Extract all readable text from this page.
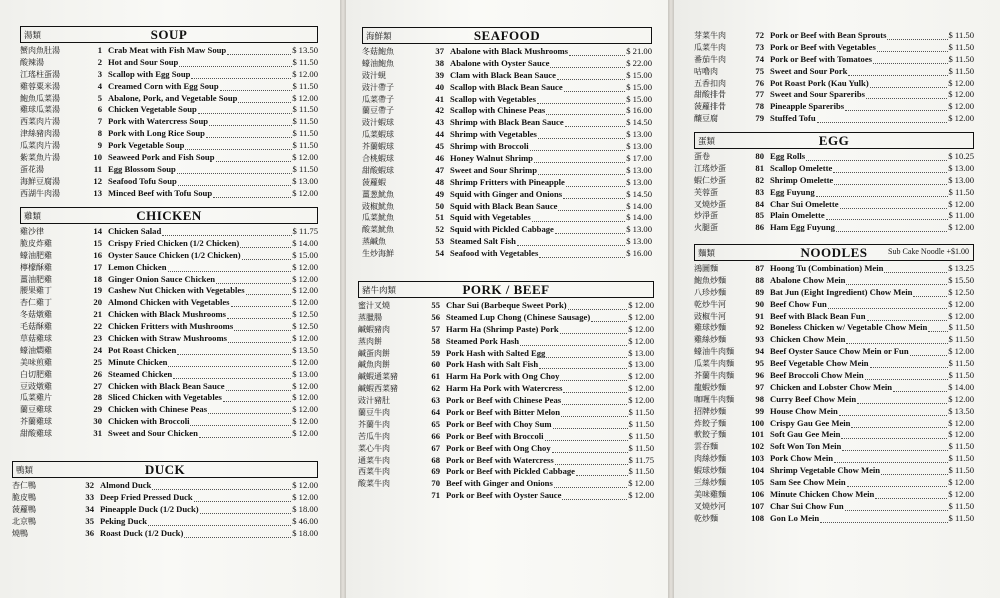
湯類	SOUP
蟹肉魚肚湯	1 Crab Meat with Fish Maw Soup	$ 13.50
酸辣湯	2 Hot and Sour Soup	$ 11.50
江瑤柱蛋湯	3 Scallop with Egg Soup	$ 12.00
雞蓉粟米湯	4 Creamed Corn with Egg Soup	$ 11.50
鮑魚瓜菜湯	5 Abalone, Pork, and Vegetable Soup	$ 12.00
雞球瓜菜湯	6 Chicken Vegetable Soup	$ 11.50
西菜肉片湯	7 Pork with Watercress Soup	$ 11.50
津絲豬肉湯	8 Pork with Long Rice Soup	$ 11.50
瓜菜肉片湯	9 Pork Vegetable Soup	$ 11.50
紫菜魚片湯	10 Seaweed Pork and Fish Soup	$ 12.00
蛋花湯	11 Egg Blossom Soup	$ 11.50
海鮮豆腐湯	12 Seafood Tofu Soup	$ 13.00
西湖牛肉湯	13 Minced Beef with Tofu Soup	$ 12.00
雞類	CHICKEN
雞沙律	14 Chicken Salad	$ 11.75
脆皮炸雞	15 Crispy Fried Chicken (1/2 Chicken)	$ 14.00
蠔油肥雞	16 Oyster Sauce Chicken (1/2 Chicken)	$ 15.00
檸檬酥雞	17 Lemon Chicken	$ 12.00
薑油肥雞	18 Ginger Onion Sauce Chicken	$ 12.00
腰果雞丁	19 Cashew Nut Chicken with Vegetables	$ 12.00
杏仁雞丁	20 Almond Chicken with Vegetables	$ 12.00
冬菇燉雞	21 Chicken with Black Mushrooms	$ 12.50
毛菇酥雞	22 Chicken Fritters with Mushrooms	$ 12.50
草菇雞球	23 Chicken with Straw Mushrooms	$ 12.00
蠔油燜雞	24 Pot Roast Chicken	$ 13.50
美味煎雞	25 Minute Chicken	$ 12.00
白切肥雞	26 Steamed Chicken	$ 13.00
豆豉燉雞	27 Chicken with Black Bean Sauce	$ 12.00
瓜菜雞片	28 Sliced Chicken with Vegetables	$ 12.00
蘭豆雞球	29 Chicken with Chinese Peas	$ 12.00
芥蘭雞球	30 Chicken with Broccoli	$ 12.00
甜酸雞球	31 Sweet and Sour Chicken	$ 12.00
鴨類	DUCK
杏仁鴨	32 Almond Duck	$ 12.00
脆皮鴨	33 Deep Fried Pressed Duck	$ 12.00
菠蘿鴨	34 Pineapple Duck (1/2 Duck)	$ 18.00
北京鴨	35 Peking Duck	$ 46.00
燒鴨	36 Roast Duck (1/2 Duck)	$ 18.00
海鮮類	SEAFOOD
冬菇鮑魚	37 Abalone with Black Mushrooms	$ 21.00
蠔油鮑魚	38 Abalone with Oyster Sauce	$ 22.00
豉汁蜆	39 Clam with Black Bean Sauce	$ 15.00
豉汁帶子	40 Scallop with Black Bean Sauce	$ 15.00
瓜菜帶子	41 Scallop with Vegetables	$ 15.00
蘭豆帶子	42 Scallop with Chinese Peas	$ 16.00
豉汁蝦球	43 Shrimp with Black Bean Sauce	$ 14.50
瓜菜蝦球	44 Shrimp with Vegetables	$ 13.00
芥蘭蝦球	45 Shrimp with Broccoli	$ 13.00
合桃蝦球	46 Honey Walnut Shrimp	$ 17.00
甜酸蝦球	47 Sweet and Sour Shrimp	$ 13.00
菠蘿蝦	48 Shrimp Fritters with Pineapple	$ 13.00
薑葱魷魚	49 Squid with Ginger and Onions	$ 14.50
豉椒魷魚	50 Squid with Black Bean Sauce	$ 14.00
瓜菜魷魚	51 Squid with Vegetables	$ 14.00
酸菜魷魚	52 Squid with Pickled Cabbage	$ 13.00
蒸鹹魚	53 Steamed Salt Fish	$ 13.00
生炒海鮮	54 Seafood with Vegetables	$ 16.00
豬牛肉類	PORK / BEEF
蜜汁叉燒	55 Char Sui (Barbeque Sweet Pork)	$ 12.00
蒸臘腸	56 Steamed Lup Chong (Chinese Sausage)	$ 12.00
鹹蝦豬肉	57 Harm Ha (Shrimp Paste) Pork	$ 12.00
蒸肉餅	58 Steamed Pork Hash	$ 12.00
鹹蛋肉餅	59 Pork Hash with Salted Egg	$ 13.00
鹹魚肉餅	60 Pork Hash with Salt Fish	$ 13.00
鹹蝦通菜豬	61 Harm Ha Pork with Ong Choy	$ 12.00
鹹蝦西菜豬	62 Harm Ha Pork with Watercress	$ 12.00
豉汁豬肚	63 Pork or Beef with Chinese Peas	$ 12.00
蘭豆牛肉	64 Pork or Beef with Bitter Melon	$ 11.50
芥蘭牛肉	65 Pork or Beef with Choy Sum	$ 11.50
苦瓜牛肉	66 Pork or Beef with Broccoli	$ 11.50
菜心牛肉	67 Pork or Beef with Ong Choy	$ 11.50
通菜牛肉	68 Pork or Beef with Watercress	$ 11.75
西菜牛肉	69 Pork or Beef with Pickled Cabbage	$ 11.50
酸菜牛肉	70 Beef with Ginger and Onions	$ 12.00
71 Pork or Beef with Oyster Sauce	$ 12.00
芽菜牛肉	72 Pork or Beef with Bean Sprouts	$ 11.50
瓜菜牛肉	73 Pork or Beef with Vegetables	$ 11.50
番茄牛肉	74 Pork or Beef with Tomatoes	$ 11.50
咕嚕肉	75 Sweet and Sour Pork	$ 11.50
五香扣肉	76 Pot Roast Pork (Kau Yulk)	$ 12.00
甜酸排骨	77 Sweet and Sour Spareribs	$ 12.00
菠蘿排骨	78 Pineapple Spareribs	$ 12.00
釀豆腐	79 Stuffed Tofu	$ 12.00
蛋類	EGG
蛋卷	80 Egg Rolls	$ 10.25
江瑤炒蛋	81 Scallop Omelette	$ 13.00
蝦仁炒蛋	82 Shrimp Omelette	$ 13.00
芙蓉蛋	83 Egg Fuyung	$ 11.50
叉燒炒蛋	84 Char Sui Omelette	$ 12.00
炒淨蛋	85 Plain Omelette	$ 11.00
火腿蛋	86 Ham Egg Fuyung	$ 12.00
麵類	NOODLES	Sub Cake Noodle +$1.00
鴻圖麵	87 Hoong Tu (Combination) Mein	$ 13.25
鮑魚炒麵	88 Abalone Chow Mein	$ 15.50
八珍炒麵	89 Bat Jun (Eight Ingredient) Chow Mein	$ 12.50
乾炒牛河	90 Beef Chow Fun	$ 12.00
豉椒牛河	91 Beef with Black Bean Fun	$ 12.00
雞球炒麵	92 Boneless Chicken w/ Vegetable Chow Mein $ 11.50
雞絲炒麵	93 Chicken Chow Mein	$ 11.50
蠔油牛肉麵	94 Beef Oyster Sauce Chow Mein or Fun	$ 12.00
瓜菜牛肉麵	95 Beef Vegetable Chow Mein	$ 11.50
芥蘭牛肉麵	96 Beef Broccoli Chow Mein	$ 11.50
龍蝦炒麵	97 Chicken and Lobster Chow Mein	$ 14.00
咖喱牛肉麵	98 Curry Beef Chow Mein	$ 12.00
招牌炒麵	99 House Chow Mein	$ 13.50
炸餃子麵	100 Crispy Gau Gee Mein	$ 12.00
軟餃子麵	101 Soft Gau Gee Mein	$ 12.00
雲吞麵	102 Soft Won Ton Mein	$ 11.50
肉絲炒麵	103 Pork Chow Mein	$ 11.50
蝦球炒麵	104 Shrimp Vegetable Chow Mein	$ 11.50
三絲炒麵	105 Sam See Chow Mein	$ 12.00
美味雞麵	106 Minute Chicken Chow Mein	$ 12.00
叉燒炒河	107 Char Sui Chow Fun	$ 11.50
乾炒麵	108 Gon Lo Mein	$ 11.50
